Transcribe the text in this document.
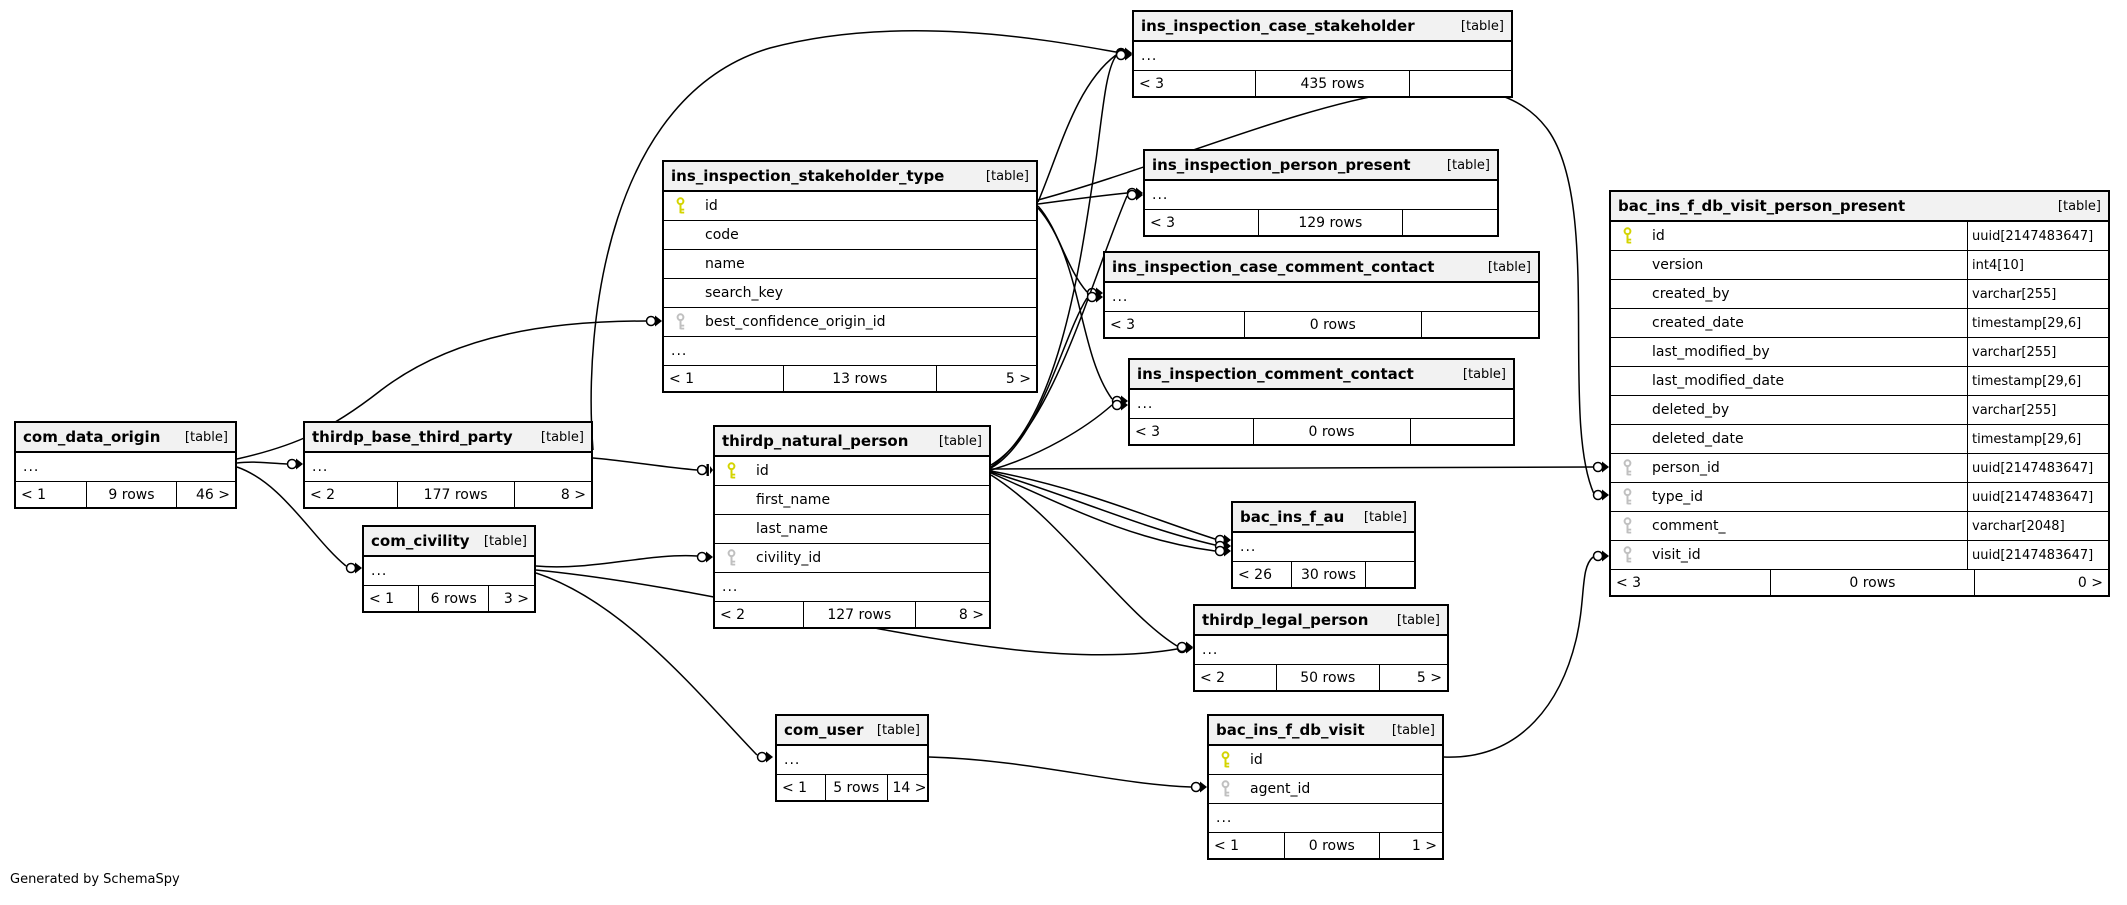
ins_inspection_case_stakeholder	[table]
...
< 3	435 rows
ins_inspection_person_present	[table]
...
< 3	129 rows
ins_inspection_case_comment_contact	[table]
...
< 3	0 rows
ins_inspection_comment_contact	[table]
...
< 3	0 rows
ins_inspection_stakeholder_type	[table]
id
code
name
search_key
best_confidence_origin_id
...
< 1	13 rows	5 >
com_data_origin [table]
...
< 1	9 rows	46 >
thirdp_base_third_party [table]
...
< 2	177 rows	8 >
com_civility [table]
...
< 1	6 rows	3 >
thirdp_natural_person [table]
id
first_name
last_name
civility_id
...
< 2	127 rows	8 >
bac_ins_f_au [table]
...
< 26	30 rows
thirdp_legal_person [table]
...
< 2	50 rows	5 >
com_user [table]
...
< 1	5 rows 14 >
bac_ins_f_db_visit [table]
id
agent_id
...
< 1	0 rows	1 >
bac_ins_f_db_visit_person_present	[table]
id	uuid[2147483647]
version	int4[10]
created_by	varchar[255]
created_date	timestamp[29,6]
last_modified_by	varchar[255]
last_modified_date	timestamp[29,6]
deleted_by	varchar[255]
deleted_date	timestamp[29,6]
person_id	uuid[2147483647]
type_id	uuid[2147483647]
comment_	varchar[2048]
visit_id	uuid[2147483647]
< 3	0 rows	0 >
Generated by SchemaSpy
